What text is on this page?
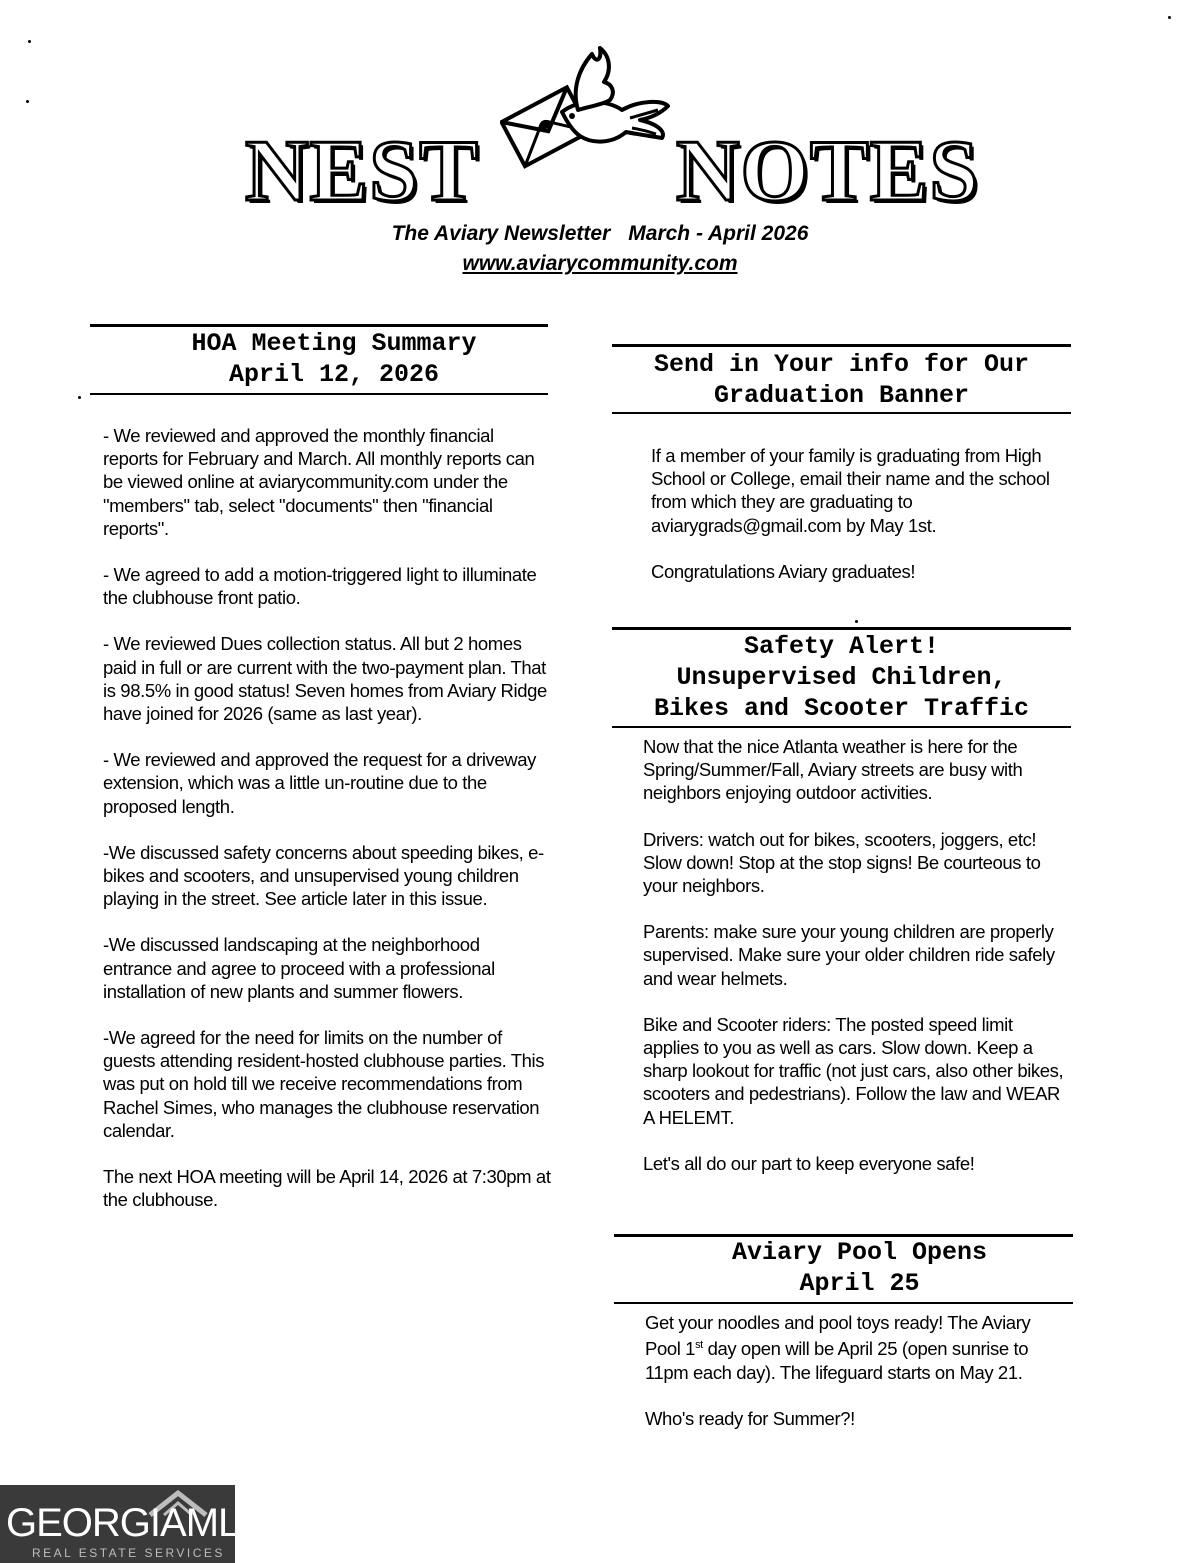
NEST NOTES
The Aviary Newsletter March - April 2026
www.aviarycommunity.com
HOA Meeting Summary
April 12, 2026

- We reviewed and approved the monthly financial reports for February and March. All monthly reports can be viewed online at aviarycommunity.com under the "members" tab, select "documents" then "financial reports".

- We agreed to add a motion-triggered light to illuminate the clubhouse front patio.

- We reviewed Dues collection status. All but 2 homes paid in full or are current with the two-payment plan. That is 98.5% in good status! Seven homes from Aviary Ridge have joined for 2026 (same as last year).

- We reviewed and approved the request for a driveway extension, which was a little un-routine due to the proposed length.

-We discussed safety concerns about speeding bikes, e-bikes and scooters, and unsupervised young children playing in the street. See article later in this issue.

-We discussed landscaping at the neighborhood entrance and agree to proceed with a professional installation of new plants and summer flowers.

-We agreed for the need for limits on the number of guests attending resident-hosted clubhouse parties. This was put on hold till we receive recommendations from Rachel Simes, who manages the clubhouse reservation calendar.

The next HOA meeting will be April 14, 2026 at 7:30pm at the clubhouse.

Send in Your info for Our
Graduation Banner

If a member of your family is graduating from High School or College, email their name and the school from which they are graduating to aviarygrads@gmail.com by May 1st.

Congratulations Aviary graduates!

Safety Alert!
Unsupervised Children,
Bikes and Scooter Traffic

Now that the nice Atlanta weather is here for the Spring/Summer/Fall, Aviary streets are busy with neighbors enjoying outdoor activities.

Drivers: watch out for bikes, scooters, joggers, etc! Slow down! Stop at the stop signs! Be courteous to your neighbors.

Parents: make sure your young children are properly supervised. Make sure your older children ride safely and wear helmets.

Bike and Scooter riders: The posted speed limit applies to you as well as cars. Slow down. Keep a sharp lookout for traffic (not just cars, also other bikes, scooters and pedestrians). Follow the law and WEAR A HELEMT.

Let's all do our part to keep everyone safe!

Aviary Pool Opens
April 25

Get your noodles and pool toys ready! The Aviary Pool 1st day open will be April 25 (open sunrise to 11pm each day). The lifeguard starts on May 21.

Who's ready for Summer?!

GEORGIAMLS
REAL ESTATE SERVICES
